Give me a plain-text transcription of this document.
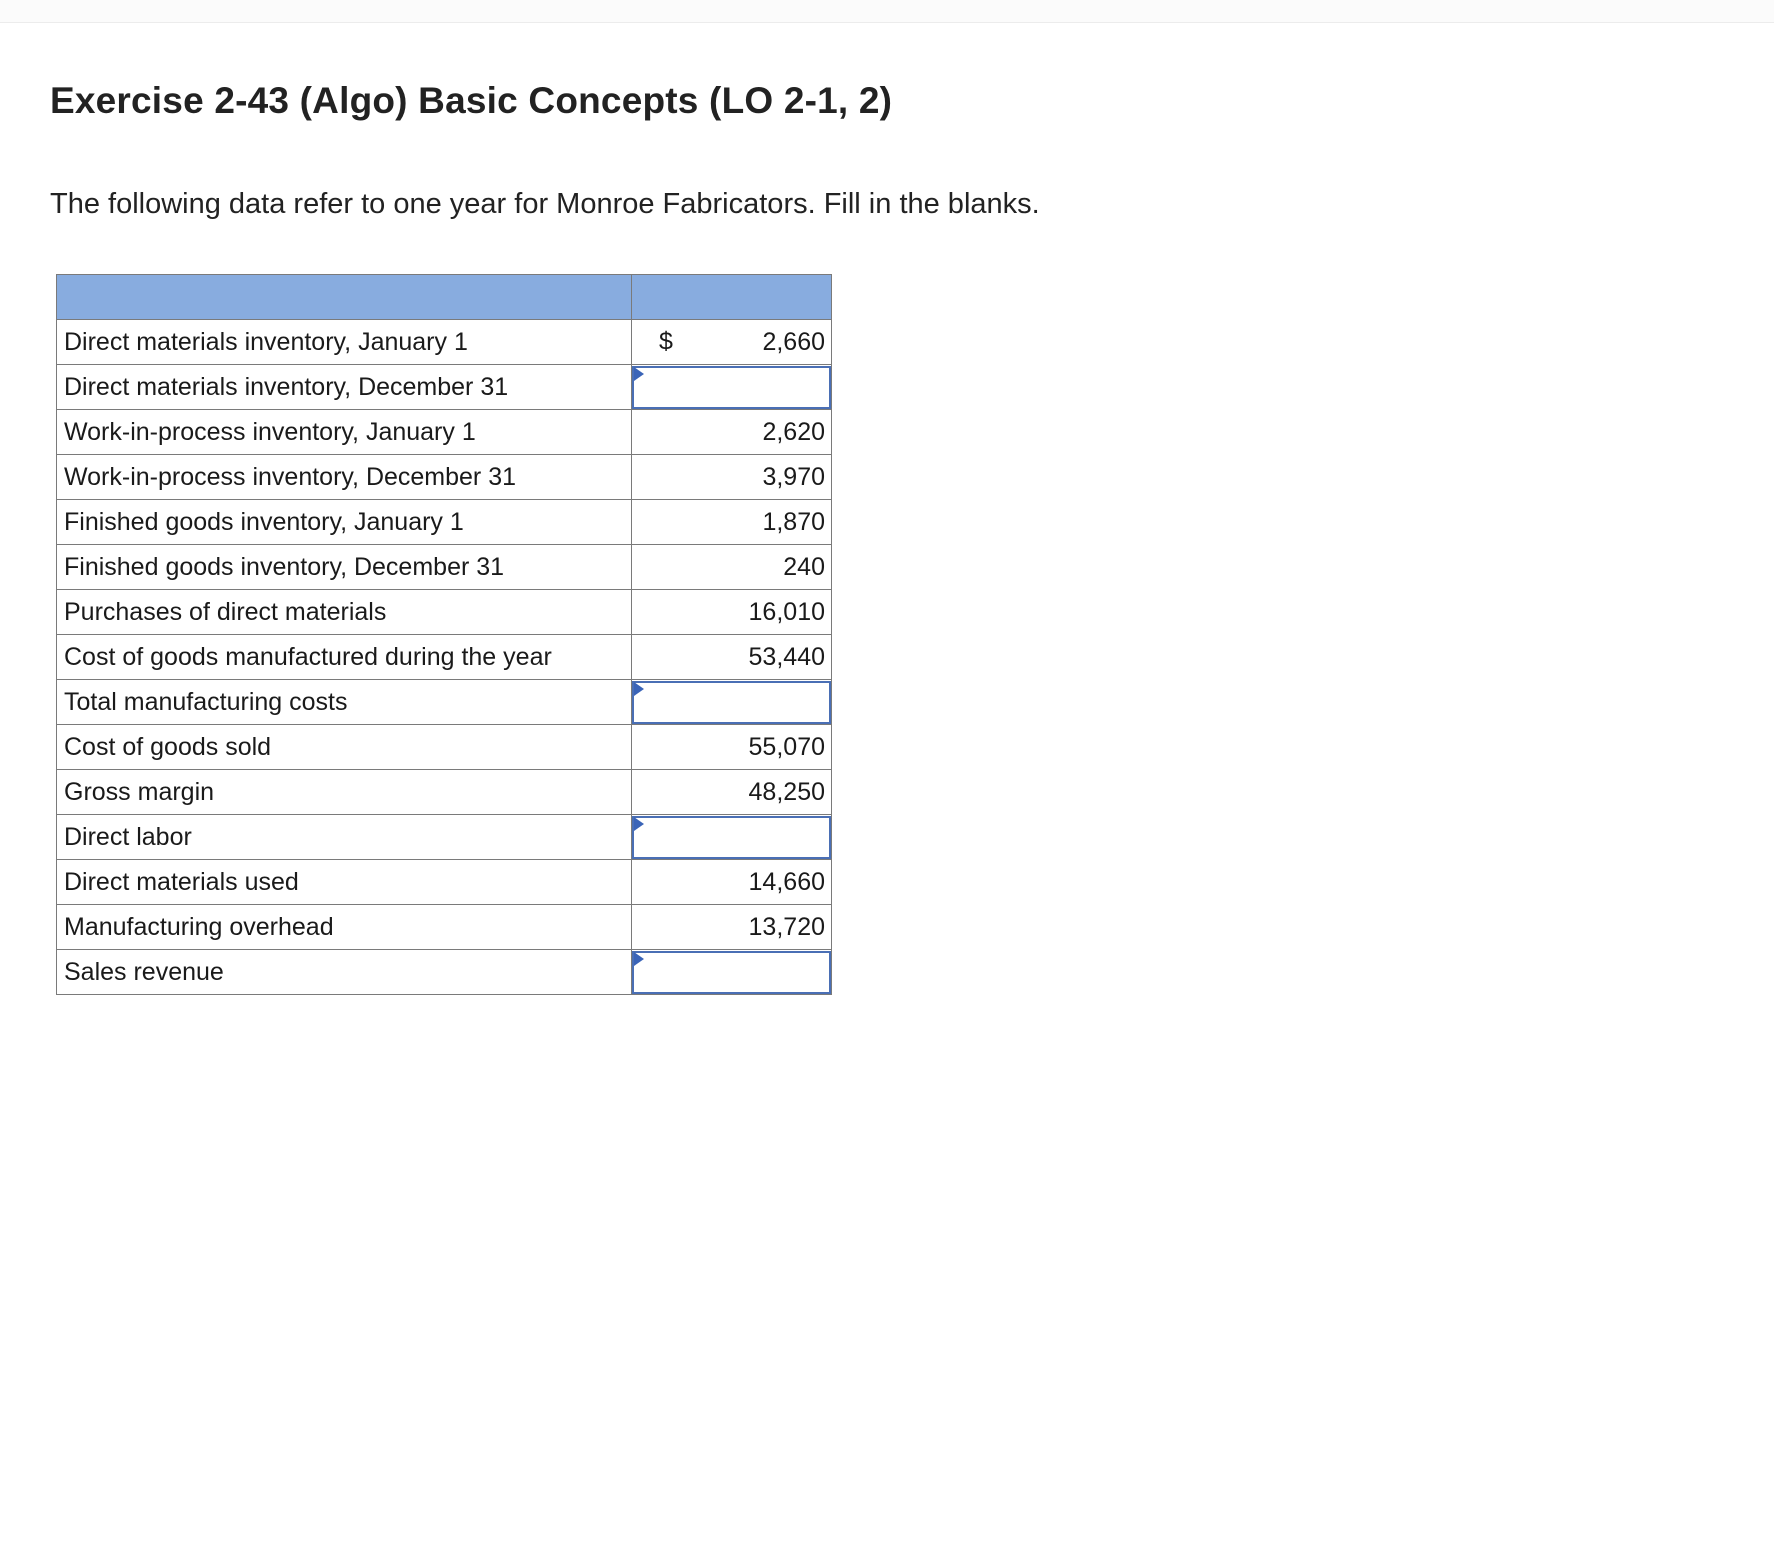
Exercise 2-43 (Algo) Basic Concepts (LO 2-1, 2)

The following data refer to one year for Monroe Fabricators. Fill in the blanks.

Direct materials inventory, January 1	$ 2,660
Direct materials inventory, December 31	

Work-in-process inventory, January 1	2,620
Work-in-process inventory, December 31	3,970
Finished goods inventory, January 1	1,870
Finished goods inventory, December 31	240
Purchases of direct materials	16,010
Cost of goods manufactured during the year	53,440
Total manufacturing costs	

Cost of goods sold	55,070
Gross margin	48,250
Direct labor	

Direct materials used	14,660
Manufacturing overhead	13,720
Sales revenue	
